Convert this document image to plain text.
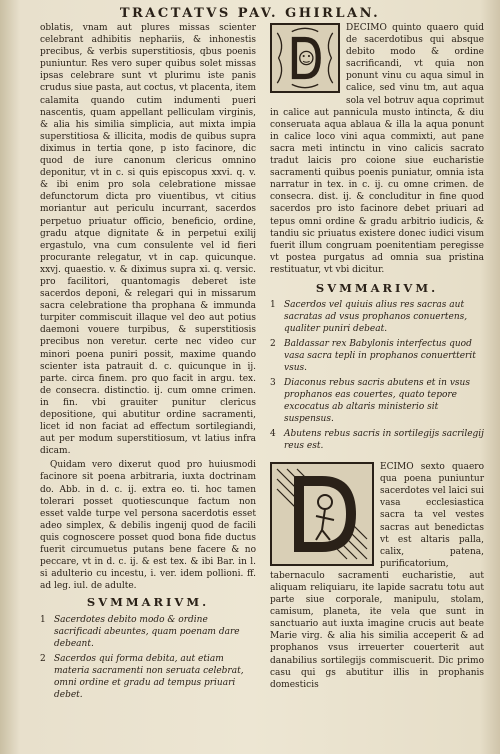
TRACTATVS PAV. GHIRLAN.

oblatis, vnam aut plures missas scienter celebrant adhibitis nephariis, & inhonestis precibus, & verbis superstitiosis, qbus poenis puniuntur. Res vero super quibus solet missas ipsas celebrare sunt vt plurimu iste panis crudus siue pasta, aut coctus, vt placenta, item calamita quando cutim indumenti pueri nascentis, quam appellant pelliculam virginis, & alia his similia simplicia, aut mixta impia superstitiosa & illicita, modis de quibus supra diximus in tertia qone, p isto facinore, dic quod de iure canonum clericus omnino deponitur, vt in c. si quis episcopus xxvi. q. v. & ibi enim pro sola celebratione missae defunctorum dicta pro viuentibus, vt citius moriantur aut periculu incurrant, sacerdos perpetuo priuatur officio, beneficio, ordine, gradu atque dignitate & in perpetui exilij ergastulo, vna cum consulente vel id fieri procurante relegatur, vt in cap. quicunque. xxvj. quaestio. v. & diximus supra xi. q. versic. pro facilitori, quantomagis deberet iste sacerdos deponi, & relegari qui in missarum sacra celebratione tha prophana & immunda turpiter commiscuit illaque vel deo aut potius daemoni vouere turpibus, & superstitiosis precibus non veretur. certe nec video cur minori poena puniri possit, maxime quando scienter ista patrauit d. c. quicunque in ij. parte. circa finem. pro quo facit in argu. tex. de consecra. distinctio. ij. cum omne crimen. in fin. vbi grauiter punitur clericus depositione, qui abutitur ordine sacramenti, licet id non faciat ad effectum sortilegiandi, aut per modum superstitiosum, vt latius infra dicam.

Quidam vero dixerut quod pro huiusmodi facinore sit poena arbitraria, iuxta doctrinam do. Abb. in d. c. ij. extra eo. ti. hoc tamen tolerari posset quotiescunque factum non esset valde turpe vel persona sacerdotis esset adeo simplex, & debilis ingenij quod de facili quis cognoscere posset quod bona fide ductus fuerit circumuetus putans bene facere & no peccare, vt in d. c. ij. & est tex. & ibi Bar. in l. si adulterio cu incestu, i. ver. idem pollioni. ff. ad leg. iul. de adulte.

SVMMARIVM.
1 Sacerdotes debito modo & ordine sacrificadi abeuntes, quam poenam dare debeant.
2 Sacerdos qui forma debita, aut etiam materia sacramenti non seruata celebrat, omni ordine et gradu ad tempus priuari debet.

DECIMO quinto quaero quid de sacerdotibus qui absque debito modo & ordine sacrificandi, vt quia non ponunt vinu cu aqua simul in calice, sed vinu tm, aut aqua sola vel botruv aqua coprimut in calice aut pannicula musto intincta, & diu conseruata aqua ablaua & illa la aqua ponunt in calice loco vini aqua commixti, aut pane sacra meti intinctu in vino calicis sacrato tradut laicis pro coione siue eucharistie sacramenti quibus poenis puniatur, omnia ista narratur in tex. in c. ij. cu omne crimen. de consecra. dist. ij. & concluditur in fine quod sacerdos pro isto facinore debet priuari ad tepus omni ordine & gradu arbitrio iudicis, & tandiu sic priuatus existere donec iudici visum fuerit illum congruam poenitentiam peregisse vt postea purgatus ad omnia sua pristina restituatur, vt vbi dicitur.

SVMMARIVM.
1 Sacerdos vel quiuis alius res sacras aut sacratas ad vsus prophanos conuertens, qualiter puniri debeat.
2 Baldassar rex Babylonis interfectus quod vasa sacra tepli in prophanos conuertterit vsus.
3 Diaconus rebus sacris abutens et in vsus prophanos eas couertes, quato tepore excocatus ab altaris ministerio sit suspensus.
4 Abutens rebus sacris in sortilegijs sacrilegij reus est.

ECIMO sexto quaero qua poena puniuntur sacerdotes vel laici sui vasa ecclesiastica sacra ta vel vestes sacras aut benedictas vt est altaris palla, calix, patena, purificatorium, tabernaculo sacramenti eucharistie, aut aliquam reliquiaru, ite lapide sacratu totu aut parte siue corporale, manipulu, stolam, camisum, planeta, ite vela que sunt in sanctuario aut iuxta imagine crucis aut beate Marie virg. & alia his similia acceperit & ad prophanos vsus irreuerter couerterit aut danabilius sortilegijs commiscuerit. Dic primo casu qui gs abutitur illis in prophanis domesticis
